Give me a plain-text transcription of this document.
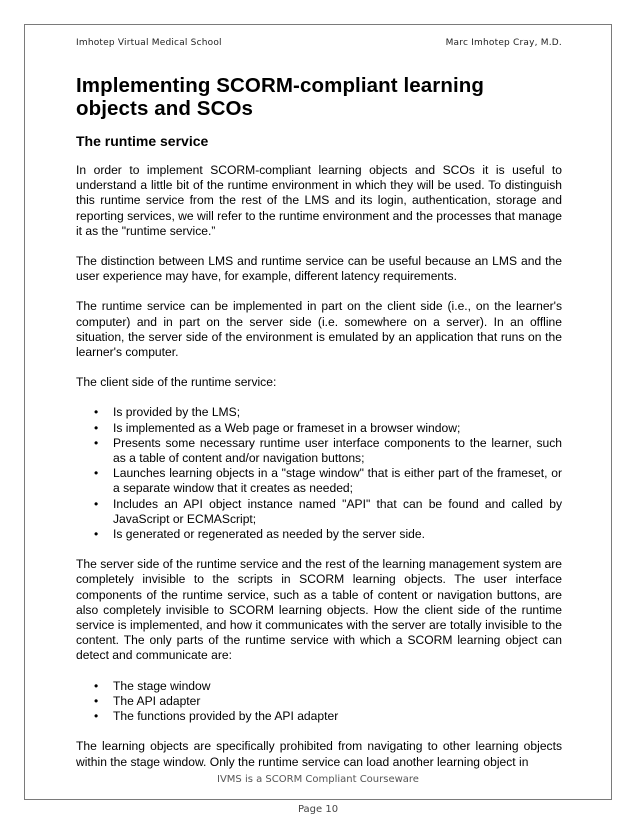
Imhotep Virtual Medical School	Marc Imhotep Cray, M.D.
Implementing SCORM-compliant learning objects and SCOs
The runtime service

In order to implement SCORM-compliant learning objects and SCOs it is useful to understand a little bit of the runtime environment in which they will be used. To distinguish this runtime service from the rest of the LMS and its login, authentication, storage and reporting services, we will refer to the runtime environment and the processes that manage it as the "runtime service.”

The distinction between LMS and runtime service can be useful because an LMS and the user experience may have, for example, different latency requirements.

The runtime service can be implemented in part on the client side (i.e., on the learner's computer) and in part on the server side (i.e. somewhere on a server). In an offline situation, the server side of the environment is emulated by an application that runs on the learner's computer.

The client side of the runtime service:

• Is provided by the LMS;
• Is implemented as a Web page or frameset in a browser window;
• Presents some necessary runtime user interface components to the learner, such as a table of content and/or navigation buttons;
• Launches learning objects in a "stage window" that is either part of the frameset, or a separate window that it creates as needed;
• Includes an API object instance named "API" that can be found and called by JavaScript or ECMAScript;
• Is generated or regenerated as needed by the server side.

The server side of the runtime service and the rest of the learning management system are completely invisible to the scripts in SCORM learning objects. The user interface components of the runtime service, such as a table of content or navigation buttons, are also completely invisible to SCORM learning objects. How the client side of the runtime service is implemented, and how it communicates with the server are totally invisible to the content. The only parts of the runtime service with which a SCORM learning object can detect and communicate are:

• The stage window
• The API adapter
• The functions provided by the API adapter

The learning objects are specifically prohibited from navigating to other learning objects within the stage window. Only the runtime service can load another learning object in

IVMS is a SCORM Compliant Courseware
Page 10
